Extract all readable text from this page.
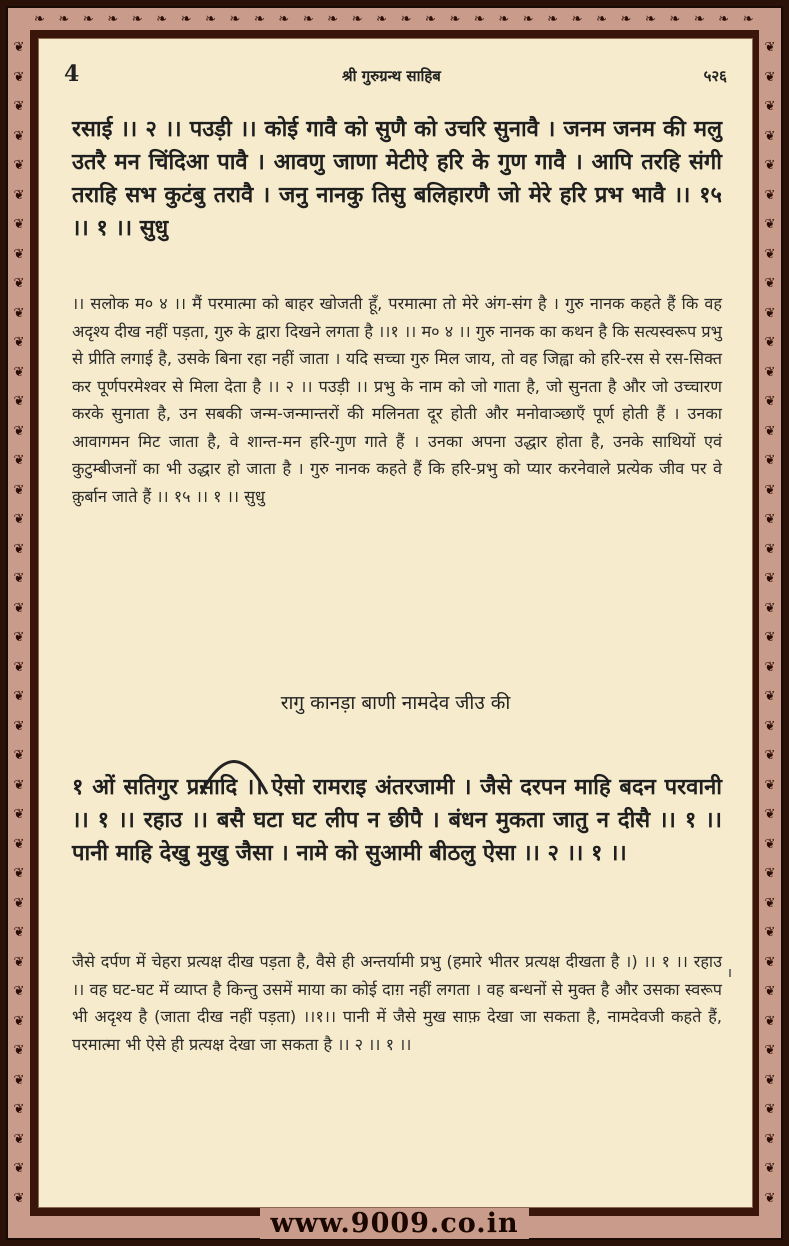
❧ ❧ ❧ ❧ ❧ ❧ ❧ ❧ ❧ ❧ ❧ ❧ ❧ ❧ ❧ ❧ ❧ ❧ ❧ ❧ ❧ ❧ ❧ ❧ ❧ ❧ ❧ ❧ ❧ ❧
❦
❦
❦
❦
❦
❦
❦
❦
❦
❦
❦
❦
❦
❦
❦
❦
❦
❦
❦
❦
❦
❦
❦
❦
❦
❦
❦
❦
❦
❦
❦
❦
❦
❦
❦
❦
❦
❦
❦
❦
❦
❦
❦
❦
❦
❦
❦
❦
❦
❦
❦
❦
❦
❦
❦
❦
❦
❦
❦
❦
❦
❦
❦
❦
❦
❦
❦
❦
❦
❦
❦
❦
❦
❦
❦
❦
❦
❦
❦
❦
4	श्री गुरुग्रन्थ साहिब	५२६
रसाई ।। २ ।। पउड़ी ।। कोई गावै को सुणै को उचरि सुनावै । जनम जनम की मलु उतरै मन चिंदिआ पावै । आवणु जाणा मेटीऐ हरि के गुण गावै । आपि तरहि संगी तराहि सभ कुटंबु तरावै । जनु नानकु तिसु बलिहारणै जो मेरे हरि प्रभ भावै ।। १५ ।। १ ।। सुधु
।। सलोक म० ४ ।। मैं परमात्मा को बाहर खोजती हूँ, परमात्मा तो मेरे अंग-संग है । गुरु नानक कहते हैं कि वह अदृश्य दीख नहीं पड़ता, गुरु के द्वारा दिखने लगता है ।।१ ।। म० ४ ।। गुरु नानक का कथन है कि सत्यस्वरूप प्रभु से प्रीति लगाई है, उसके बिना रहा नहीं जाता । यदि सच्चा गुरु मिल जाय, तो वह जिह्वा को हरि-रस से रस-सिक्त कर पूर्णपरमेश्वर से मिला देता है ।। २ ।। पउड़ी ।। प्रभु के नाम को जो गाता है, जो सुनता है और जो उच्चारण करके सुनाता है, उन सबकी जन्म-जन्मान्तरों की मलिनता दूर होती और मनोवाञ्छाएँ पूर्ण होती हैं । उनका आवागमन मिट जाता है, वे शान्त-मन हरि-गुण गाते हैं । उनका अपना उद्धार होता है, उनके साथियों एवं कुटुम्बीजनों का भी उद्धार हो जाता है । गुरु नानक कहते हैं कि हरि-प्रभु को प्यार करनेवाले प्रत्येक जीव पर वे क़ुर्बान जाते हैं ।। १५ ।। १ ।। सुधु
रागु कानड़ा बाणी नामदेव जीउ की
१ ओं सतिगुर प्रसादि ।। ऐसो रामराइ अंतरजामी । जैसे दरपन माहि बदन परवानी ।। १ ।। रहाउ ।। बसै घटा घट लीप न छीपै । बंधन मुकता जातु न दीसै ।। १ ।। पानी माहि देखु मुखु जैसा । नामे को सुआमी बीठलु ऐसा ।। २ ।। १ ।।
जैसे दर्पण में चेहरा प्रत्यक्ष दीख पड़ता है, वैसे ही अन्तर्यामी प्रभु (हमारे भीतर प्रत्यक्ष दीखता है ।) ।। १ ।। रहाउ ।। वह घट-घट में व्याप्त है किन्तु उसमें माया का कोई दाग़ नहीं लगता । वह बन्धनों से मुक्त है और उसका स्वरूप भी अदृश्य है (जाता दीख नहीं पड़ता) ।।१।। पानी में जैसे मुख साफ़ देखा जा सकता है, नामदेवजी कहते हैं, परमात्मा भी ऐसे ही प्रत्यक्ष देखा जा सकता है ।। २ ।। १ ।।
www.9009.co.in
